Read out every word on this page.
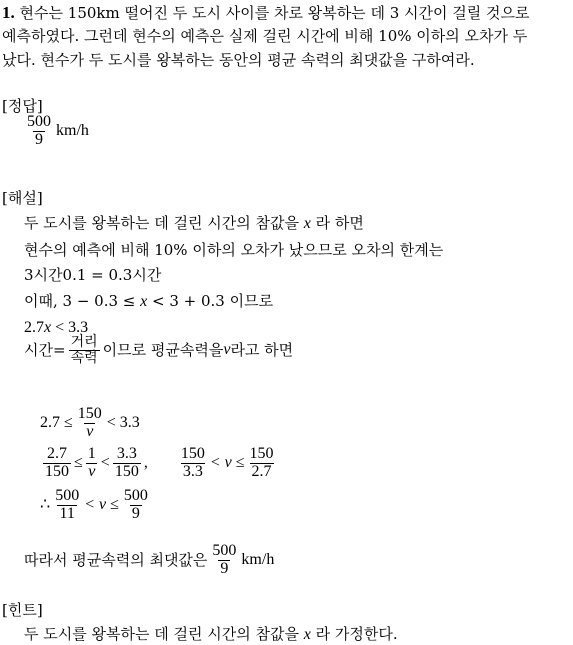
1. 현수는 150km 떨어진 두 도시 사이를 차로 왕복하는 데 3 시간이 걸릴 것으로
예측하였다. 그런데 현수의 예측은 실제 걸린 시간에 비해 10% 이하의 오차가 두
났다. 현수가 두 도시를 왕복하는 동안의 평균 속력의 최댓값을 구하여라.
[정답]
$\frac{500}{9} km/h$
[해설]
두 도시를 왕복하는 데 걸린 시간의 참값을 x 라 하면
현수의 예측에 비해 10% 이하의 오차가 났으므로 오차의 한계는
3시간0.1 = 0.3시간
이때, 3 − 0.3 ≤ x < 3 + 0.3 이므로
2.7x < 3.3
시간= $\frac{\text{거리}}{\text{속력}}$ 이므로 평균속력을 v 라고 하면
$2.7 \le \frac{150}{v} < 3.3$
$\frac{2.7}{150} \le \frac{1}{v} < \frac{3.3}{150}$ , $\frac{150}{3.3} < v \le \frac{150}{2.7}$
∴ $\frac{500}{11} < v \le \frac{500}{9}$
따라서 평균속력의 최댓값은 $\frac{500}{9} km/h$
[힌트]
두 도시를 왕복하는 데 걸린 시간의 참값을 x 라 가정한다.
